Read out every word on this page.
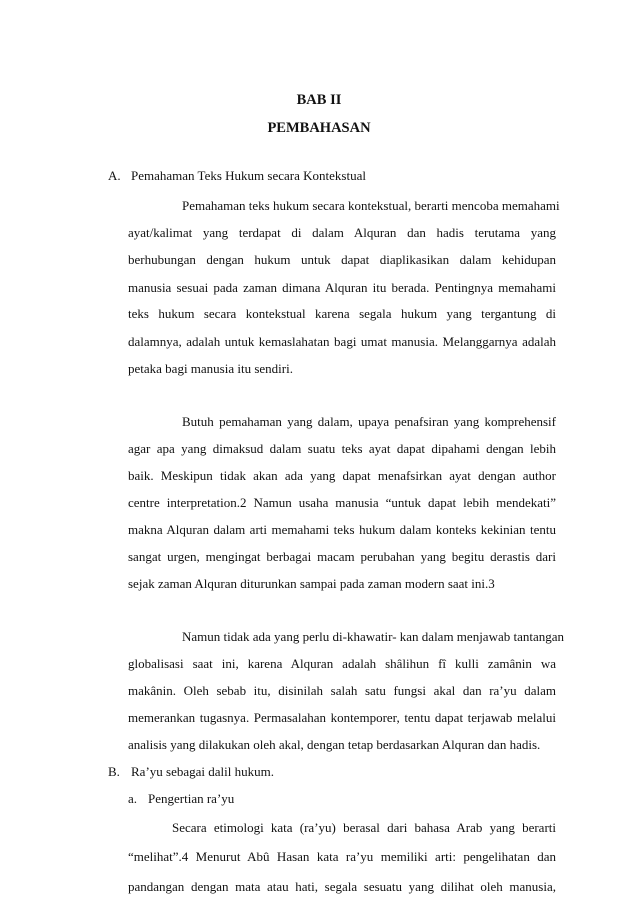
BAB II
PEMBAHASAN
A. Pemahaman Teks Hukum secara Kontekstual
Pemahaman teks hukum secara kontekstual, berarti mencoba memahami
ayat/kalimat yang terdapat di dalam Alquran dan hadis terutama yang
berhubungan dengan hukum untuk dapat diaplikasikan dalam kehidupan
manusia sesuai pada zaman dimana Alquran itu berada. Pentingnya memahami
teks hukum secara kontekstual karena segala hukum yang tergantung di
dalamnya, adalah untuk kemaslahatan bagi umat manusia. Melanggarnya adalah
petaka bagi manusia itu sendiri.
Butuh pemahaman yang dalam, upaya penafsiran yang komprehensif
agar apa yang dimaksud dalam suatu teks ayat dapat dipahami dengan lebih
baik. Meskipun tidak akan ada yang dapat menafsirkan ayat dengan author
centre interpretation.2 Namun usaha manusia “untuk dapat lebih mendekati”
makna Alquran dalam arti memahami teks hukum dalam konteks kekinian tentu
sangat urgen, mengingat berbagai macam perubahan yang begitu derastis dari
sejak zaman Alquran diturunkan sampai pada zaman modern saat ini.3
Namun tidak ada yang perlu di-khawatir- kan dalam menjawab tantangan
globalisasi saat ini, karena Alquran adalah shâlihun fî kulli zamânin wa
makânin. Oleh sebab itu, disinilah salah satu fungsi akal dan ra’yu dalam
memerankan tugasnya. Permasalahan kontemporer, tentu dapat terjawab melalui
analisis yang dilakukan oleh akal, dengan tetap berdasarkan Alquran dan hadis.
B. Ra’yu sebagai dalil hukum.
a. Pengertian ra’yu
Secara etimologi kata (ra’yu) berasal dari bahasa Arab yang berarti
“melihat”.4 Menurut Abû Hasan kata ra’yu memiliki arti: pengelihatan dan
pandangan dengan mata atau hati, segala sesuatu yang dilihat oleh manusia,
